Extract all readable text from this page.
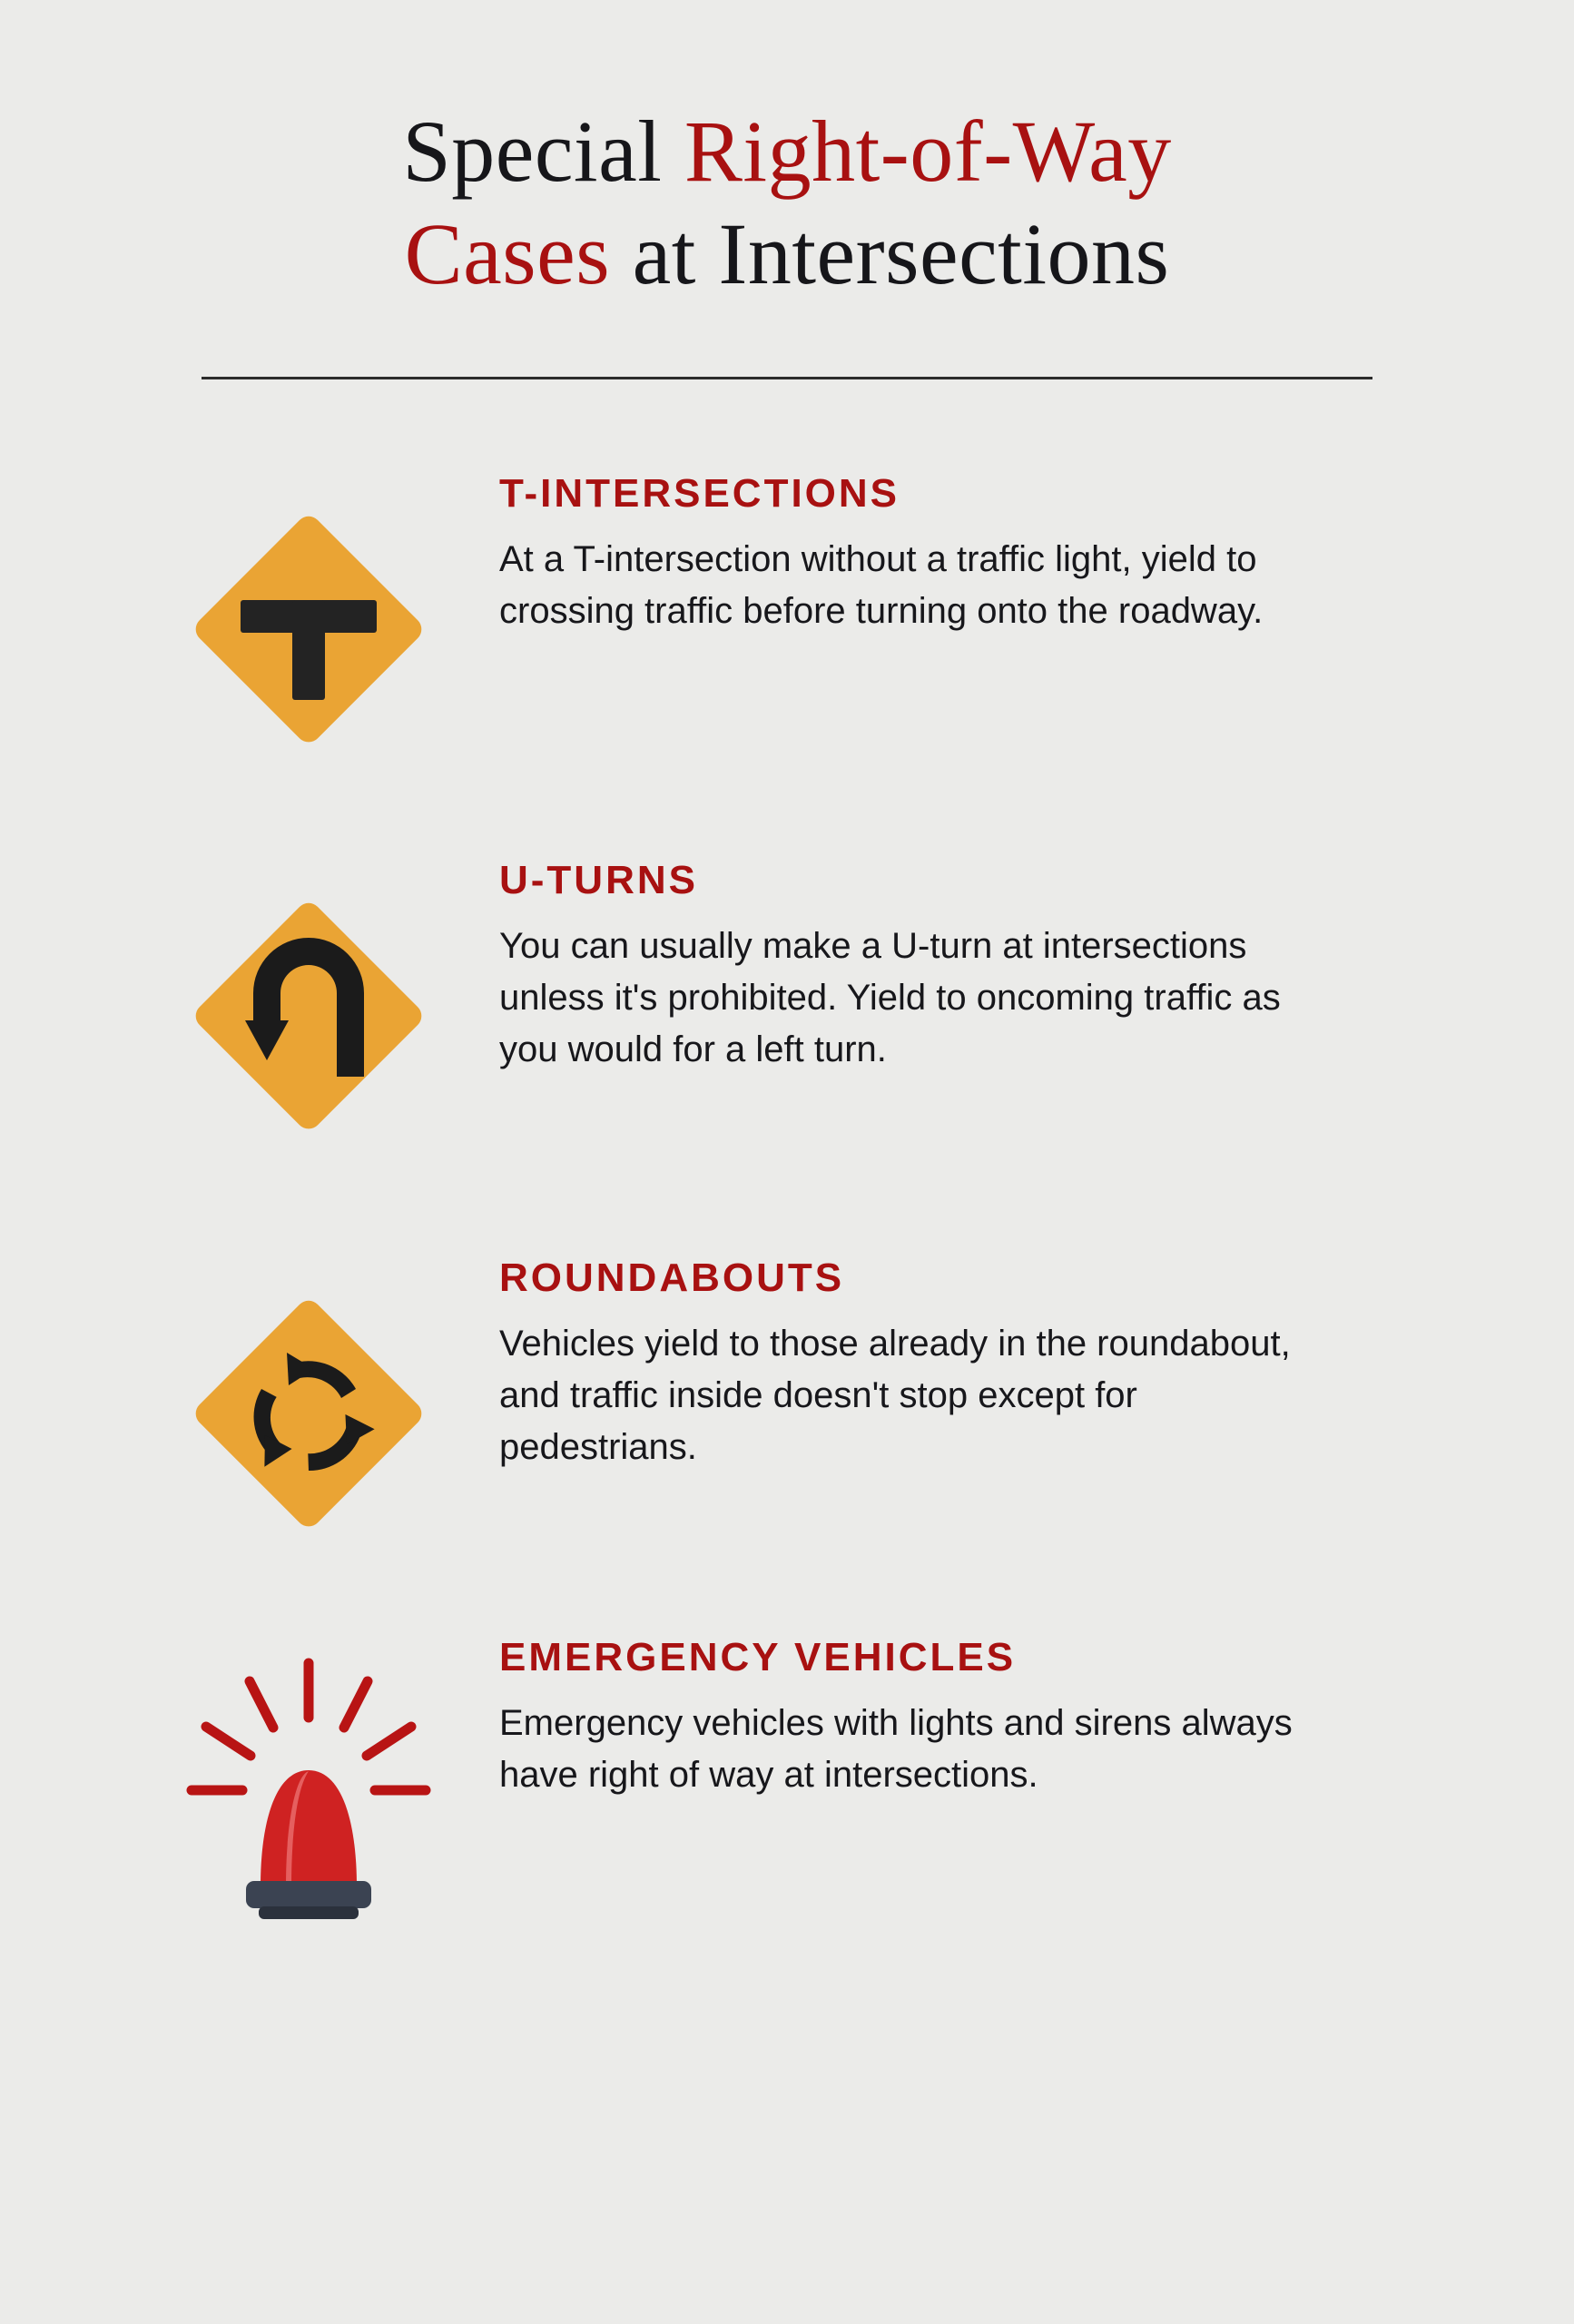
Special Right-of-Way
Cases at Intersections
T-INTERSECTIONS

At a T-intersection without a traffic light, yield to crossing traffic before turning onto the roadway.

U-TURNS

You can usually make a U-turn at intersections unless it's prohibited. Yield to oncoming traffic as you would for a left turn.

ROUNDABOUTS

Vehicles yield to those already in the roundabout, and traffic inside doesn't stop except for pedestrians.

EMERGENCY VEHICLES

Emergency vehicles with lights and sirens always have right of way at intersections.
